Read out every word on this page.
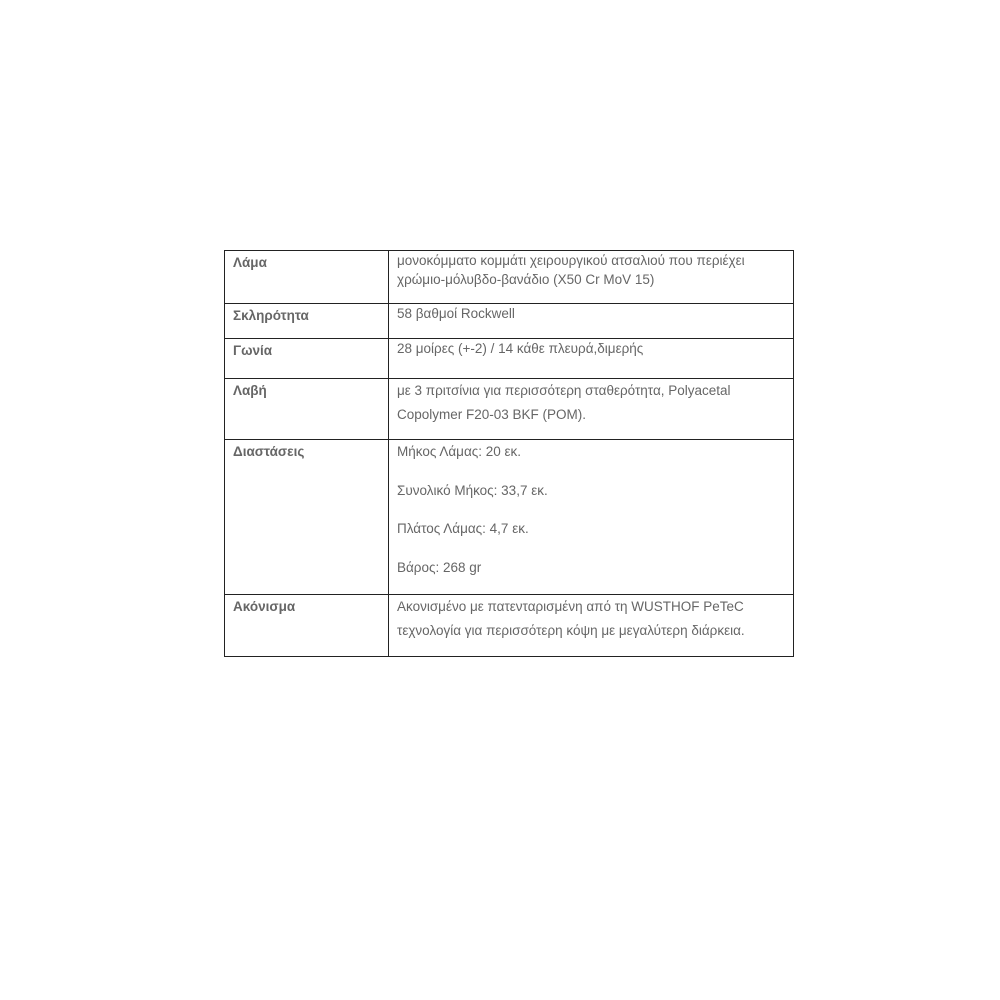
Λάμα	μονοκόμματο κομμάτι χειρουργικού ατσαλιού που περιέχει χρώμιο-μόλυβδο-βανάδιο (X50 Cr MoV 15)

Σκληρότητα	58 βαθμοί Rockwell

Γωνία	28 μοίρες (+-2) / 14 κάθε πλευρά,διμερής

Λαβή	με 3 πριτσίνια για περισσότερη σταθερότητα, Polyacetal Copolymer F20-03 BKF (POM).

Διαστάσεις	Μήκος Λάμας: 20 εκ.
Συνολικό Μήκος: 33,7 εκ.
Πλάτος Λάμας: 4,7 εκ.
Βάρος: 268 gr

Ακόνισμα	Ακονισμένο με πατενταρισμένη από τη WUSTHOF PeTeC τεχνολογία για περισσότερη κόψη με μεγαλύτερη διάρκεια.
